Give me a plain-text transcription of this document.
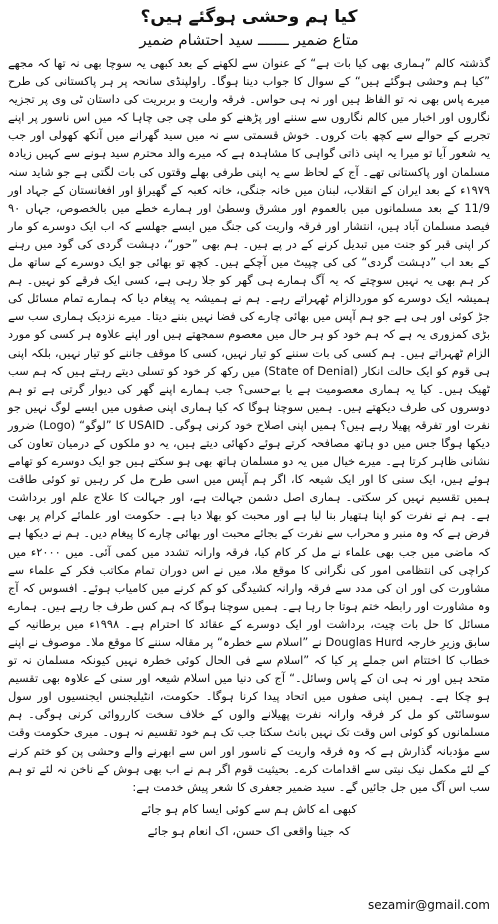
کیا ہم وحشی ہوگئے ہیں؟
متاع ضمیر ـــــــ سید احتشام ضمیر

گذشتہ کالم ”ہماری بھی کیا بات ہے“ کے عنوان سے لکھنے کے بعد کبھی یہ سوچا بھی نہ تھا کہ مجھے ”کیا ہم وحشی ہوگئے ہیں“ کے سوال کا جواب دینا ہوگا۔ راولپنڈی سانحہ پر ہر پاکستانی کی طرح میرے پاس بھی نہ تو الفاظ ہیں اور نہ ہی حواس۔ فرقہ واریت و بربریت کی داستان ٹی وی پر تجزیہ نگاروں اور اخبار میں کالم نگاروں سے سننے اور پڑھنے کو ملی چی جی چاہا کہ میں اس ناسور پر اپنے تجربے کے حوالے سے کچھ بات کروں۔ خوش قسمتی سے نہ میں سید گھرانے میں آنکھ کھولی اور جب یہ شعور آیا تو میرا یہ اپنی ذاتی گواہی کا مشاہدہ ہے کہ میرے والد محترم سید ہونے سے کہیں زیادہ مسلمان اور پاکستانی تھے۔ آج کے لحاظ سے یہ اپنی طرفی بھلے وقتوں کی بات لگتی ہے جو شاید سنہ ۱۹۷۹ء کے بعد ایران کے انقلاب، لبنان میں خانہ جنگی، خانہ کعبہ کے گھیراؤ اور افغانستان کے جہاد اور 11/9 کے بعد مسلمانوں میں بالعموم اور مشرق وسطیٰ اور ہمارے خطے میں بالخصوص، جہاں ۹۰ فیصد مسلمان آباد ہیں، انتشار اور فرقہ واریت کی جنگ میں ایسے جھلسے کہ اب ایک دوسرے کو مار کر اپنی قبر کو جنت میں تبدیل کرنے کے در پے ہیں۔ ہم بھی ”حور“، دہشت گردی کی گود میں رہنے کے بعد اب ”دہشت گردی“ کی کی چپیٹ میں آچکے ہیں۔ کچھ تو بھائی جو ایک دوسرے کے ساتھ مل کر ہم بھی یہ نہیں سوچتے کہ یہ آگ ہمارے ہی گھر کو جلا رہی ہے، کسی ایک فرقے کو نہیں۔ ہم ہمیشہ ایک دوسرے کو موردالزام ٹھہراتے رہے۔ ہم نے ہمیشہ یہ پیغام دیا کہ ہمارے تمام مسائل کی جڑ کوئی اور ہی ہے جو ہم آپس میں بھائی چارے کی فضا نہیں بننے دیتا۔ میرے نزدیک ہماری سب سے بڑی کمزوری یہ ہے کہ ہم خود کو ہر حال میں معصوم سمجھتے ہیں اور اپنے علاوہ ہر کسی کو مورد الزام ٹھہراتے ہیں۔ ہم کسی کی بات سننے کو تیار نہیں، کسی کا موقف جاننے کو تیار نہیں، بلکہ اپنی ہی قوم کو ایک حالت انکار (State of Denial) میں رکھ کر خود کو تسلی دیتے رہتے ہیں کہ ہم سب ٹھیک ہیں۔ کیا یہ ہماری معصومیت ہے یا بےحسی؟ جب ہمارے اپنے گھر کی دیوار گرتی ہے تو ہم دوسروں کی طرف دیکھتے ہیں۔ ہمیں سوچنا ہوگا کہ کیا ہماری اپنی صفوں میں ایسے لوگ نہیں جو نفرت اور تفرقہ پھیلا رہے ہیں؟ ہمیں اپنی اصلاح خود کرنی ہوگی۔ USAID کا ”لوگو“ (Logo) ضرور دیکھا ہوگا جس میں دو ہاتھ مصافحہ کرتے ہوئے دکھائی دیتے ہیں، یہ دو ملکوں کے درمیان تعاون کی نشانی ظاہر کرتا ہے۔ میرے خیال میں یہ دو مسلمان ہاتھ بھی ہو سکتے ہیں جو ایک دوسرے کو تھامے ہوئے ہیں، ایک سنی کا اور ایک شیعہ کا، اگر ہم آپس میں اسی طرح مل کر رہیں تو کوئی طاقت ہمیں تقسیم نہیں کر سکتی۔ ہماری اصل دشمن جہالت ہے، اور جہالت کا علاج علم اور برداشت ہے۔ ہم نے نفرت کو اپنا ہتھیار بنا لیا ہے اور محبت کو بھلا دیا ہے۔ حکومت اور علمائے کرام پر بھی فرض ہے کہ وہ منبر و محراب سے نفرت کے بجائے محبت اور بھائی چارے کا پیغام دیں۔ ہم نے دیکھا ہے کہ ماضی میں جب بھی علماء نے مل کر کام کیا، فرقہ وارانہ تشدد میں کمی آئی۔ میں ۲۰۰۰ء میں کراچی کی انتظامی امور کی نگرانی کا موقع ملا، میں نے اس دوران تمام مکاتب فکر کے علماء سے مشاورت کی اور ان کی مدد سے فرقہ وارانہ کشیدگی کو کم کرنے میں کامیاب ہوئے۔ افسوس کہ آج وہ مشاورت اور رابطہ ختم ہوتا جا رہا ہے۔ ہمیں سوچنا ہوگا کہ ہم کس طرف جا رہے ہیں۔ ہمارے مسائل کا حل بات چیت، برداشت اور ایک دوسرے کے عقائد کا احترام ہے۔ ۱۹۹۸ء میں برطانیہ کے سابق وزیرِ خارجہ Douglas Hurd نے ”اسلام سے خطرہ“ پر مقالہ سننے کا موقع ملا۔ موصوف نے اپنے خطاب کا اختتام اس جملے پر کیا کہ ”اسلام سے فی الحال کوئی خطرہ نہیں کیونکہ مسلمان نہ تو متحد ہیں اور نہ ہی ان کے پاس وسائل۔“ آج کی دنیا میں اسلام شیعہ اور سنی کے علاوہ بھی تقسیم ہو چکا ہے۔ ہمیں اپنی صفوں میں اتحاد پیدا کرنا ہوگا۔ حکومت، انٹیلیجنس ایجنسیوں اور سول سوسائٹی کو مل کر فرقہ وارانہ نفرت پھیلانے والوں کے خلاف سخت کارروائی کرنی ہوگی۔ ہم مسلمانوں کو کوئی اس وقت تک نہیں بانٹ سکتا جب تک ہم خود تقسیم نہ ہوں۔ میری حکومت وقت سے مؤدبانہ گذارش ہے کہ وہ فرقہ واریت کے ناسور اور اس سے ابھرنے والے وحشی پن کو ختم کرنے کے لئے مکمل نیک نیتی سے اقدامات کرے۔ بحیثیت قوم اگر ہم نے اب بھی ہوش کے ناخن نہ لئے تو ہم سب اس آگ میں جل جائیں گے۔ سید ضمیر جعفری کا شعر پیش خدمت ہے:

کبھی اے کاش ہم سے کوئی ایسا کام ہو جائے
کہ جینا واقعی اک حسن، اک انعام ہو جائے
sezamir@gmail.com
